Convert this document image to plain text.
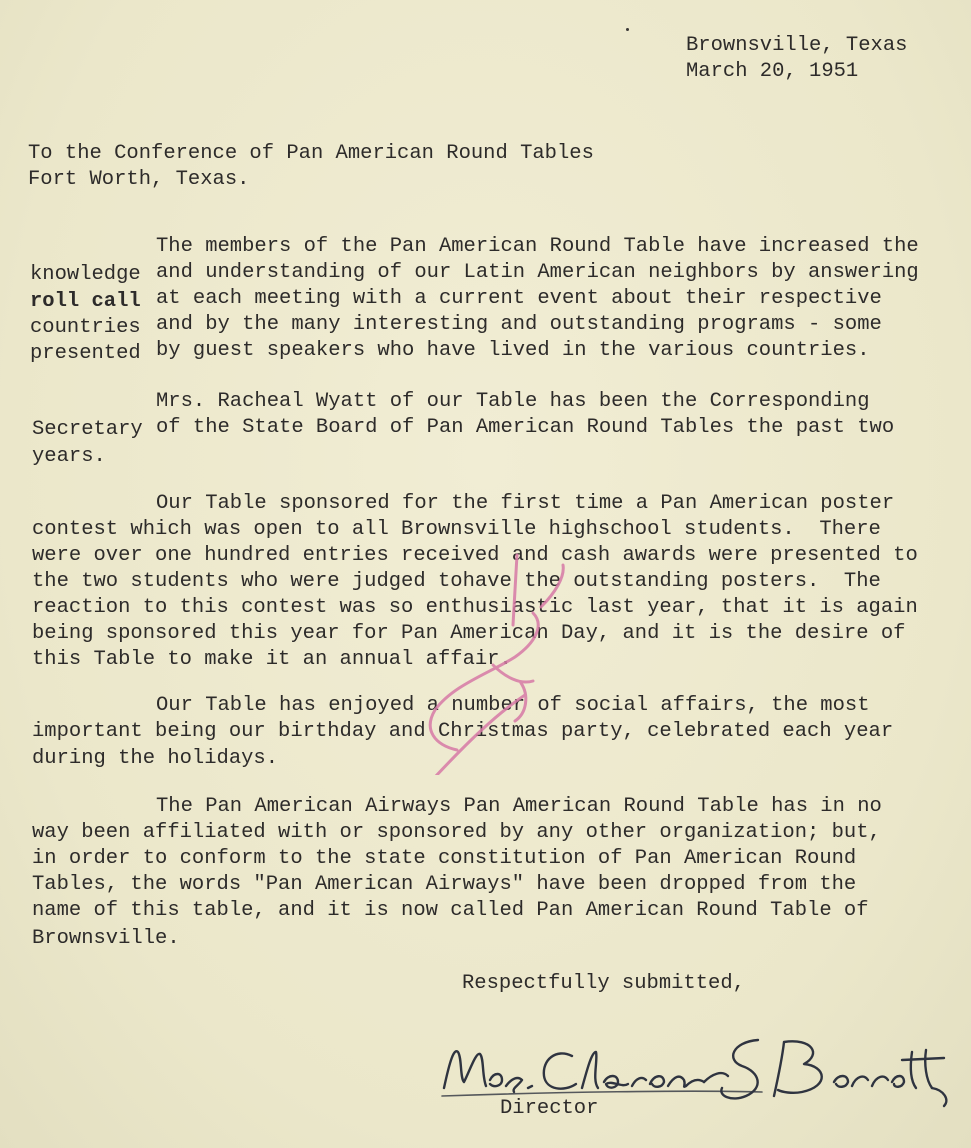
Brownsville, Texas
March 20, 1951
To the Conference of Pan American Round Tables
Fort Worth, Texas.
The members of the Pan American Round Table have increased the
knowledge and understanding of our Latin American neighbors by answering
roll call at each meeting with a current event about their respective
countries and by the many interesting and outstanding programs - some
presented by guest speakers who have lived in the various countries.
Mrs. Racheal Wyatt of our Table has been the Corresponding
Secretary of the State Board of Pan American Round Tables the past two
years.
Our Table sponsored for the first time a Pan American poster
contest which was open to all Brownsville highschool students.  There
were over one hundred entries received and cash awards were presented to
the two students who were judged tohave the outstanding posters.  The
reaction to this contest was so enthusiastic last year, that it is again
being sponsored this year for Pan American Day, and it is the desire of
this Table to make it an annual affair.
Our Table has enjoyed a number of social affairs, the most
important being our birthday and Christmas party, celebrated each year
during the holidays.
The Pan American Airways Pan American Round Table has in no
way been affiliated with or sponsored by any other organization; but,
in order to conform to the state constitution of Pan American Round
Tables, the words "Pan American Airways" have been dropped from the
name of this table, and it is now called Pan American Round Table of
Brownsville.
Respectfully submitted,
Director
